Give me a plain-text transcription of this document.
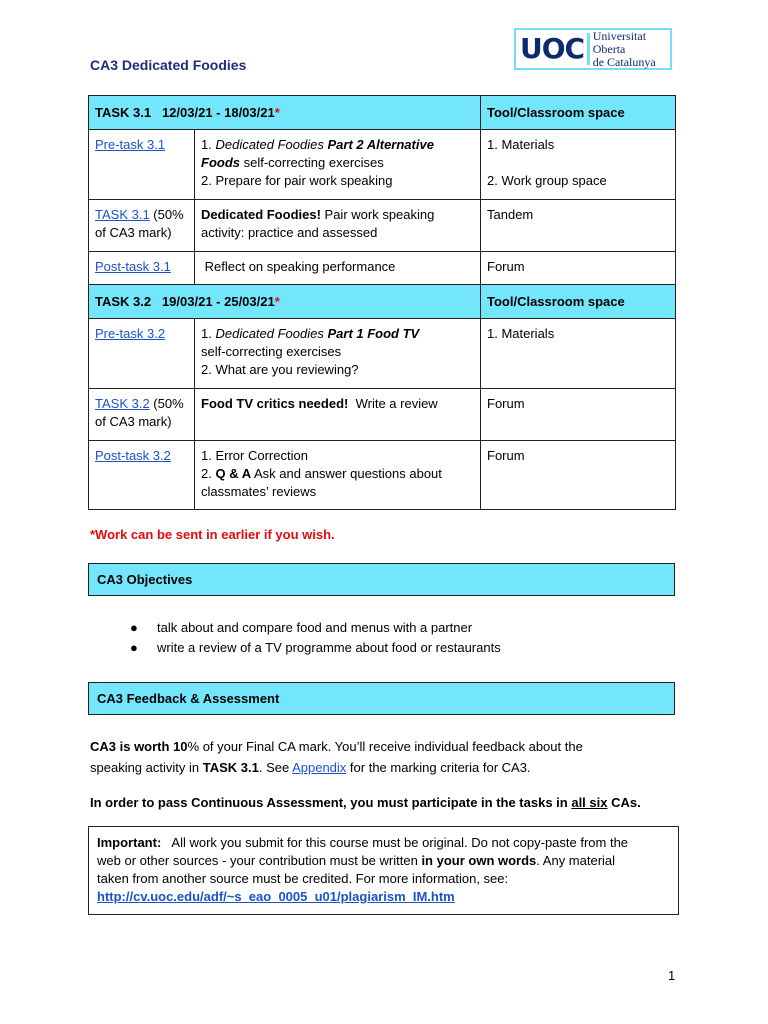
CA3 Dedicated Foodies	UOC Universitat Oberta
de Catalunya
TASK 3.1 12/03/21 - 18/03/21*		Tool/Classroom space
Pre-task 3.1	1. Dedicated Foodies Part 2 Alternative
Foods self-correcting exercises
2. Prepare for pair work speaking	1. Materials

2. Work group space
TASK 3.1 (50%
of CA3 mark)	Dedicated Foodies! Pair work speaking
activity: practice and assessed	Tandem
Post-task 3.1	Reflect on speaking performance	Forum
TASK 3.2 19/03/21 - 25/03/21*		Tool/Classroom space
Pre-task 3.2	1. Dedicated Foodies Part 1 Food TV
self-correcting exercises
2. What are you reviewing?	1. Materials
TASK 3.2 (50%
of CA3 mark)	Food TV critics needed!  Write a review	Forum
Post-task 3.2	1. Error Correction
2. Q & A Ask and answer questions about
classmates’ reviews	Forum
*Work can be sent in earlier if you wish.
CA3 Objectives
● talk about and compare food and menus with a partner
● write a review of a TV programme about food or restaurants
CA3 Feedback & Assessment
CA3 is worth 10% of your Final CA mark. You’ll receive individual feedback about the
speaking activity in TASK 3.1. See Appendix for the marking criteria for CA3.
In order to pass Continuous Assessment, you must participate in the tasks in all six CAs.
Important:   All work you submit for this course must be original. Do not copy-paste from the
web or other sources - your contribution must be written in your own words. Any material
taken from another source must be credited. For more information, see:
http://cv.uoc.edu/adf/~s_eao_0005_u01/plagiarism_IM.htm
1
